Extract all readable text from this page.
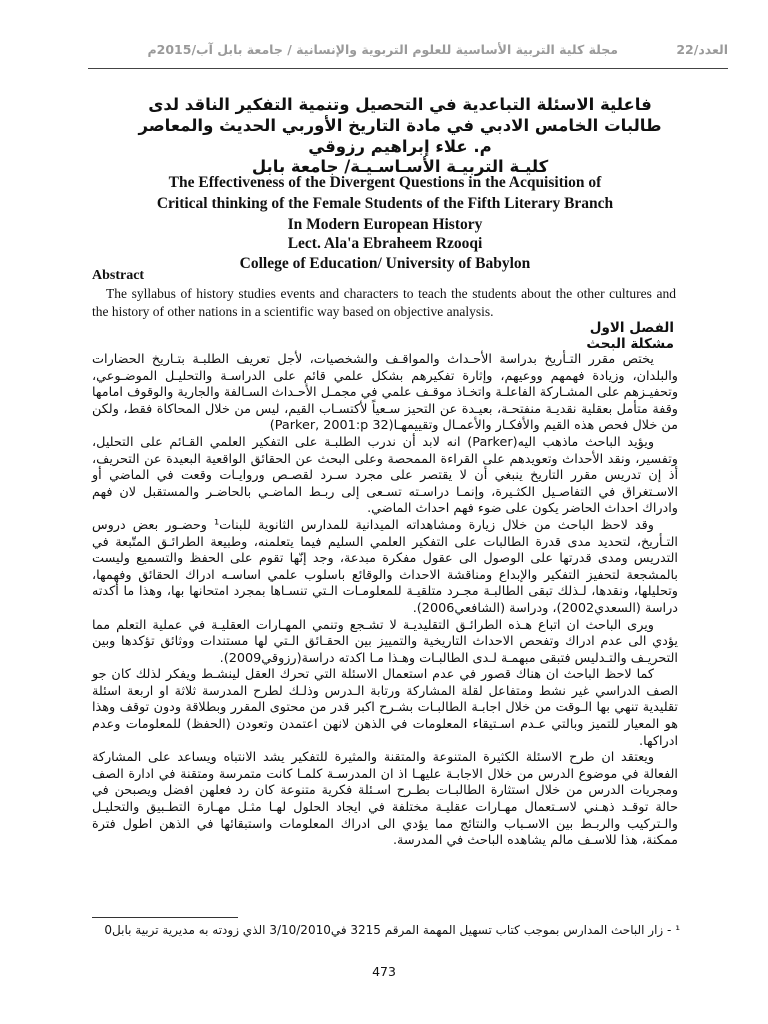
العدد/22
مجلة كلية التربية الأساسية للعلوم التربوية والإنسانية / جامعة بابل آب/2015م
فاعلية الاسئلة التباعدية في التحصيل وتنمية التفكير الناقد لدى
طالبات الخامس الادبي في مادة التاريخ الأوربي الحديث والمعاصر
م. علاء إبراهيم رزوقي
كليـة التربيـة الأسـاسـيـة/ جامعة بابل
The Effectiveness of the Divergent Questions in the Acquisition of
Critical thinking of the Female Students of the Fifth Literary Branch
In Modern European History
Lect. Ala'a Ebraheem Rzooqi
College of Education/ University of Babylon
Abstract
The syllabus of history studies events and characters to teach the students about the other cultures and the history of other nations in a scientific way based on objective analysis.
الفصل الاول
مشكلة البحث

يختص مقرر التـأريخ بدراسة الأحـداث والمواقـف والشخصيات، لأجل تعريف الطلبـة بتـاريخ الحضارات والبلدان، وزيادة فهمهم ووعيهم، وإثارة تفكيرهم بشكل علمي قائم على الدراسـة والتحليـل الموضـوعي، وتحفيـزهم على المشـاركة الفاعلـة واتخـاذ موقـف علمي في مجمـل الأحـداث السـالفة والجارية والوقوف امامها وقفة متأمل بعقلية نقديـة منفتحـة، بعيـدة عن التحيز سـعياً لأكتسـاب القيم، ليس من خلال المحاكاة فقط، ولكن من خلال فحص هذه القيم والأفكـار والأعمـال وتقييمهـا(Parker, 2001:p 32)

ويؤيد الباحث ماذهب اليه(Parker) انه لابد أن ندرب الطلبـة على التفكير العلمي القـائم على التحليل، وتفسير، ونقد الأحداث وتعويدهم على القراءة الممحصة وعلى البحث عن الحقائق الواقعية البعيدة عن التحريف، أذ إن تدريس مقرر التاريخ ينبغي أن لا يقتصر على مجرد سـرد لقصـص وروايـات وقعت في الماضي أو الاسـتغراق في التفاصـيل الكثـيرة، وإنمـا دراسـته تسـعى إلى ربـط الماضـي بالحاضـر والمستقبل لان فهم وادراك احداث الحاضر يكون على ضوء فهم احداث الماضي.

وقد لاحظ الباحث من خلال زيارة ومشاهداته الميدانية للمدارس الثانوية للبنات¹ وحضـور بعض دروس التـأريخ، لتحديد مدى قدرة الطالبات على التفكير العلمي السليم فيما يتعلمنه، وطبيعة الطرائـق المتّبعة في التدريس ومدى قدرتها على الوصول الى عقول مفكرة مبدعة، وجد إنّها تقوم على الحفظ والتسميع وليست بالمشجعة لتحفيز التفكير والإبداع ومناقشة الاحداث والوقائع باسلوب علمي اساسـه ادراك الحقائق وفهمها، وتحليلها، ونقدها، لـذلك تبقى الطالبـة مجـرد متلقيـة للمعلومـات الـتي تنسـاها بمجرد امتحانها بها، وهذا ما أكدته دراسة (السعدي2002)، ودراسة (الشافعي2006).

ويرى الباحث ان اتباع هـذه الطرائـق التقليديـة لا تشـجع وتنمي المهـارات العقليـة في عملية التعلم مما يؤدي الى عدم ادراك وتفحص الاحداث التاريخية والتمييز بين الحقـائق الـتي لها مستندات ووثائق تؤكدها وبين التحريـف والتـدليس فتبقى مبهمـة لـدى الطالبـات وهـذا مـا اكدته دراسة(رزوقي2009).

كما لاحظ الباحث ان هناك قصور في عدم استعمال الاسئلة التي تحرك العقل لينشـط ويفكر لذلك كان جو الصف الدراسي غير نشط ومتفاعل لقلة المشاركة ورتابة الـدرس وذلـك لطرح المدرسة ثلاثة او اربعة اسئلة تقليدية تنهي بها الـوقت من خلال اجابـة الطالبـات بشـرح اكبر قدر من محتوى المقرر وبطلاقة ودون توقف وهذا هو المعيار للتميز وبالتي عـدم اسـتيقاء المعلومات في الذهن لانهن اعتمدن وتعودن (الحفظ) للمعلومات وعدم ادراكها.

ويعتقد ان طرح الاسئلة الكثيرة المتنوعة والمتقنة والمثيرة للتفكير يشد الانتباه ويساعد على المشاركة الفعالة في موضوع الدرس من خلال الاجابـة عليهـا اذ ان المدرسـة كلمـا كانت متمرسة ومتقنة في ادارة الصف ومجريات الدرس من خلال استثارة الطالبـات بطـرح اسـئلة فكرية متنوعة كان رد فعلهن افضل ويصبحن في حالة توقـد ذهـني لاسـتعمال مهـارات عقليـة مختلفة في ايجاد الحلول لهـا مثـل مهـارة التطـبيق والتحليـل والـتركيب والربـط بين الاسـباب والنتائج مما يؤدي الى ادراك المعلومات واستبقائها في الذهن اطول فترة ممكنة، هذا للاسـف مالم يشاهده الباحث في المدرسة.

¹ - زار الباحث المدارس بموجب كتاب تسهيل المهمة المرقم 3215 في3/10/2010 الذي زودته به مديرية تربية بابل0
473
